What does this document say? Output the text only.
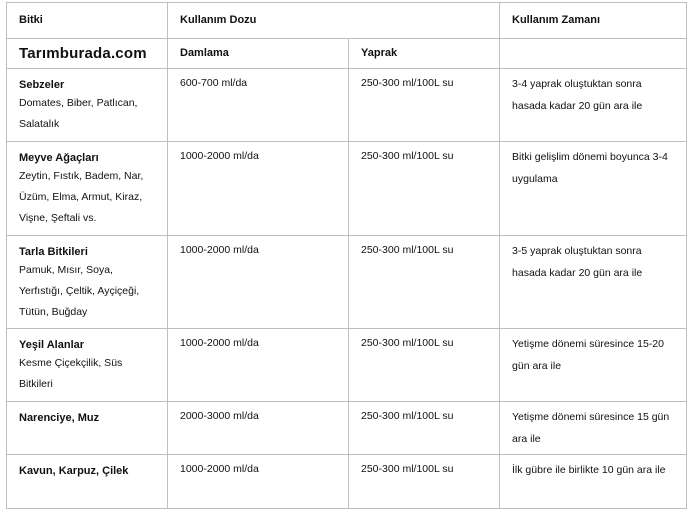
Bitki	Kullanım Dozu		Kullanım Zamanı

Tarımburada.com	Damlama	Yaprak	

Sebzeler
Domates, Biber, Patlıcan, Salatalık	600-700 ml/da	250-300 ml/100L su	3-4 yaprak oluştuktan sonra hasada kadar 20 gün ara ile

Meyve Ağaçları
Zeytin, Fıstık, Badem, Nar, Üzüm, Elma, Armut, Kiraz, Vişne, Şeftali vs.	1000-2000 ml/da	250-300 ml/100L su	Bitki gelişlim dönemi boyunca 3-4 uygulama

Tarla Bitkileri
Pamuk, Mısır, Soya, Yerfıstığı, Çeltik, Ayçiçeği, Tütün, Buğday	1000-2000 ml/da	250-300 ml/100L su	3-5 yaprak oluştuktan sonra hasada kadar 20 gün ara ile

Yeşil Alanlar
Kesme Çiçekçilik, Süs Bitkileri	1000-2000 ml/da	250-300 ml/100L su	Yetişme dönemi süresince 15-20 gün ara ile

Narenciye, Muz	2000-3000 ml/da	250-300 ml/100L su	Yetişme dönemi süresince 15 gün ara ile

Kavun, Karpuz, Çilek	1000-2000 ml/da	250-300 ml/100L su	İlk gübre ile birlikte 10 gün ara ile
